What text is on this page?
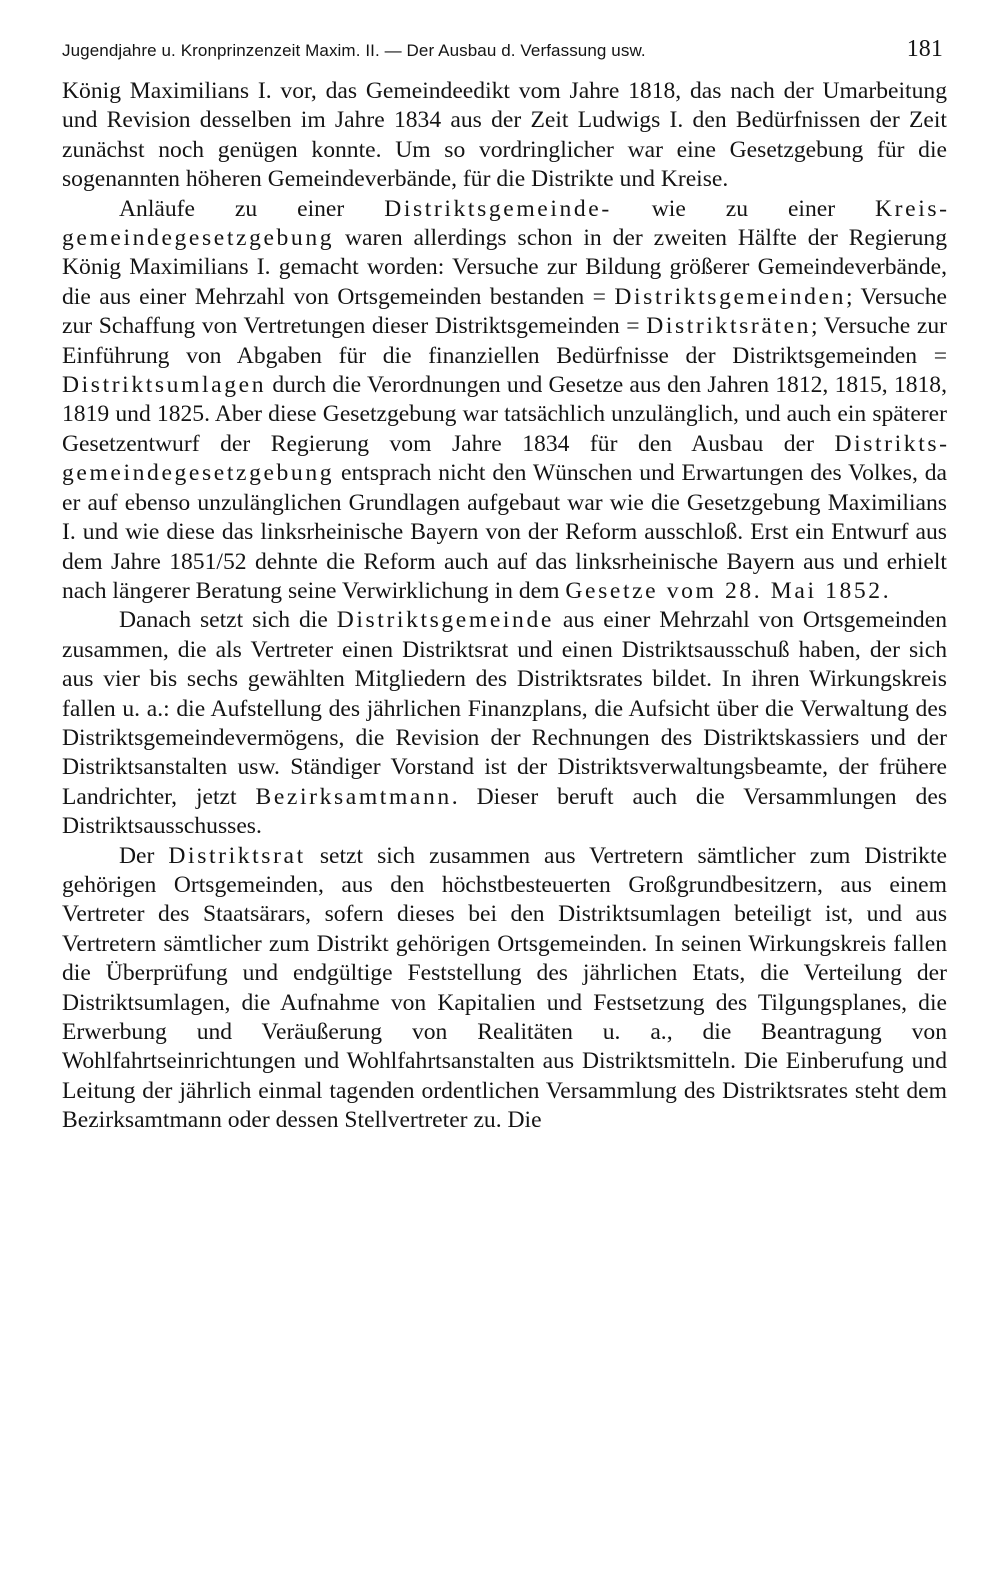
Jugendjahre u. Kronprinzenzeit Maxim. II. — Der Ausbau d. Verfassung usw.	181

König Maximilians I. vor, das Gemeindeedikt vom Jahre 1818, das nach der Umarbeitung und Revision desselben im Jahre 1834 aus der Zeit Ludwigs I. den Bedürfnissen der Zeit zunächst noch genügen konnte. Um so vordringlicher war eine Gesetzgebung für die sogenannten höheren Gemeindeverbände, für die Distrikte und Kreise.

Anläufe zu einer Distriktsgemeinde- wie zu einer Kreisgemeindegesetzgebung waren allerdings schon in der zweiten Hälfte der Regierung König Maximilians I. gemacht worden: Versuche zur Bildung größerer Gemeindeverbände, die aus einer Mehrzahl von Ortsgemeinden bestanden = Distriktsgemeinden; Versuche zur Schaffung von Vertretungen dieser Distriktsgemeinden = Distriktsräten; Versuche zur Einführung von Abgaben für die finanziellen Bedürfnisse der Distriktsgemeinden = Distriktsumlagen durch die Verordnungen und Gesetze aus den Jahren 1812, 1815, 1818, 1819 und 1825. Aber diese Gesetzgebung war tatsächlich unzulänglich, und auch ein späterer Gesetzentwurf der Regierung vom Jahre 1834 für den Ausbau der Distriktsgemeindegesetzgebung entsprach nicht den Wünschen und Erwartungen des Volkes, da er auf ebenso unzulänglichen Grundlagen aufgebaut war wie die Gesetzgebung Maximilians I. und wie diese das linksrheinische Bayern von der Reform ausschloß. Erst ein Entwurf aus dem Jahre 1851/52 dehnte die Reform auch auf das linksrheinische Bayern aus und erhielt nach längerer Beratung seine Verwirklichung in dem Gesetze vom 28. Mai 1852.

Danach setzt sich die Distriktsgemeinde aus einer Mehrzahl von Ortsgemeinden zusammen, die als Vertreter einen Distriktsrat und einen Distriktsausschuß haben, der sich aus vier bis sechs gewählten Mitgliedern des Distriktsrates bildet. In ihren Wirkungskreis fallen u. a.: die Aufstellung des jährlichen Finanzplans, die Aufsicht über die Verwaltung des Distriktsgemeindevermögens, die Revision der Rechnungen des Distriktskassiers und der Distriktsanstalten usw. Ständiger Vorstand ist der Distriktsverwaltungsbeamte, der frühere Landrichter, jetzt Bezirksamtmann. Dieser beruft auch die Versammlungen des Distriktsausschusses.

Der Distriktsrat setzt sich zusammen aus Vertretern sämtlicher zum Distrikte gehörigen Ortsgemeinden, aus den höchstbesteuerten Großgrundbesitzern, aus einem Vertreter des Staatsärars, sofern dieses bei den Distriktsumlagen beteiligt ist, und aus Vertretern sämtlicher zum Distrikt gehörigen Ortsgemeinden. In seinen Wirkungskreis fallen die Überprüfung und endgültige Feststellung des jährlichen Etats, die Verteilung der Distriktsumlagen, die Aufnahme von Kapitalien und Festsetzung des Tilgungsplanes, die Erwerbung und Veräußerung von Realitäten u. a., die Beantragung von Wohlfahrtseinrichtungen und Wohlfahrtsanstalten aus Distriktsmitteln. Die Einberufung und Leitung der jährlich einmal tagenden ordentlichen Versammlung des Distriktsrates steht dem Bezirksamtmann oder dessen Stellvertreter zu. Die
